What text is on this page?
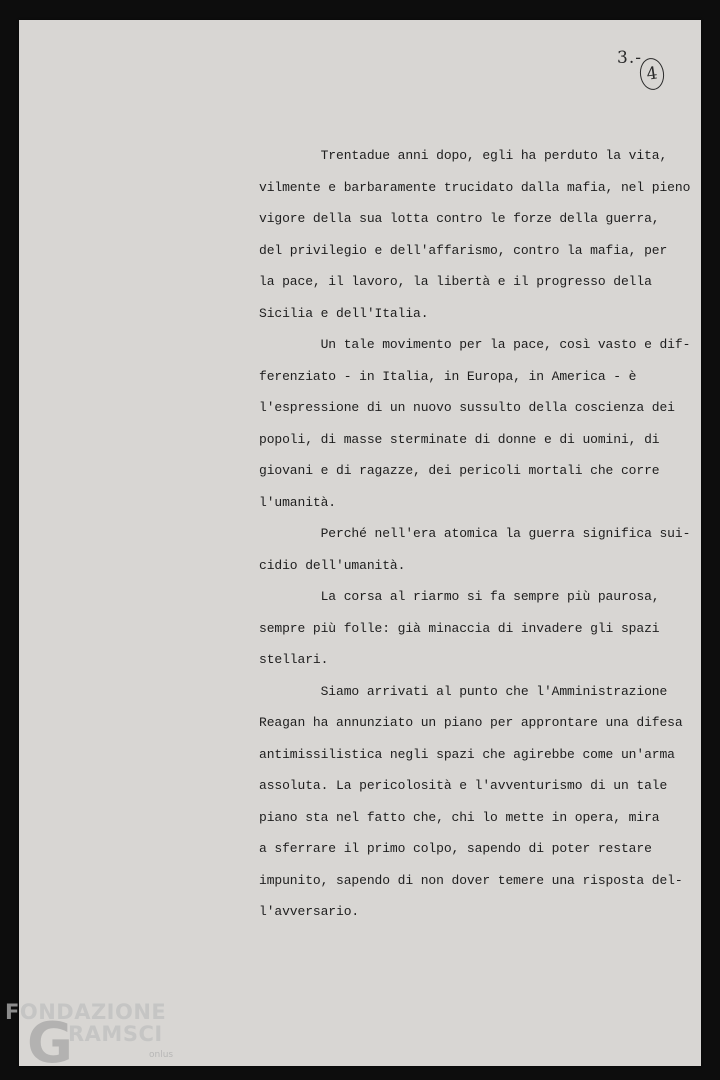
3.-
4
Trentadue anni dopo, egli ha perduto la vita,
vilmente e barbaramente trucidato dalla mafia, nel pieno
vigore della sua lotta contro le forze della guerra,
del privilegio e dell'affarismo, contro la mafia, per
la pace, il lavoro, la libertà e il progresso della
Sicilia e dell'Italia.
Un tale movimento per la pace, così vasto e dif-
ferenziato - in Italia, in Europa, in America - è
l'espressione di un nuovo sussulto della coscienza dei
popoli, di masse sterminate di donne e di uomini, di
giovani e di ragazze, dei pericoli mortali che corre
l'umanità.
Perché nell'era atomica la guerra significa sui-
cidio dell'umanità.
La corsa al riarmo si fa sempre più paurosa,
sempre più folle: già minaccia di invadere gli spazi
stellari.
Siamo arrivati al punto che l'Amministrazione
Reagan ha annunziato un piano per approntare una difesa
antimissilistica negli spazi che agirebbe come un'arma
assoluta. La pericolosità e l'avventurismo di un tale
piano sta nel fatto che, chi lo mette in opera, mira
a sferrare il primo colpo, sapendo di poter restare
impunito, sapendo di non dover temere una risposta del-
l'avversario.
G
FONDAZIONE
RAMSCI
onlus
